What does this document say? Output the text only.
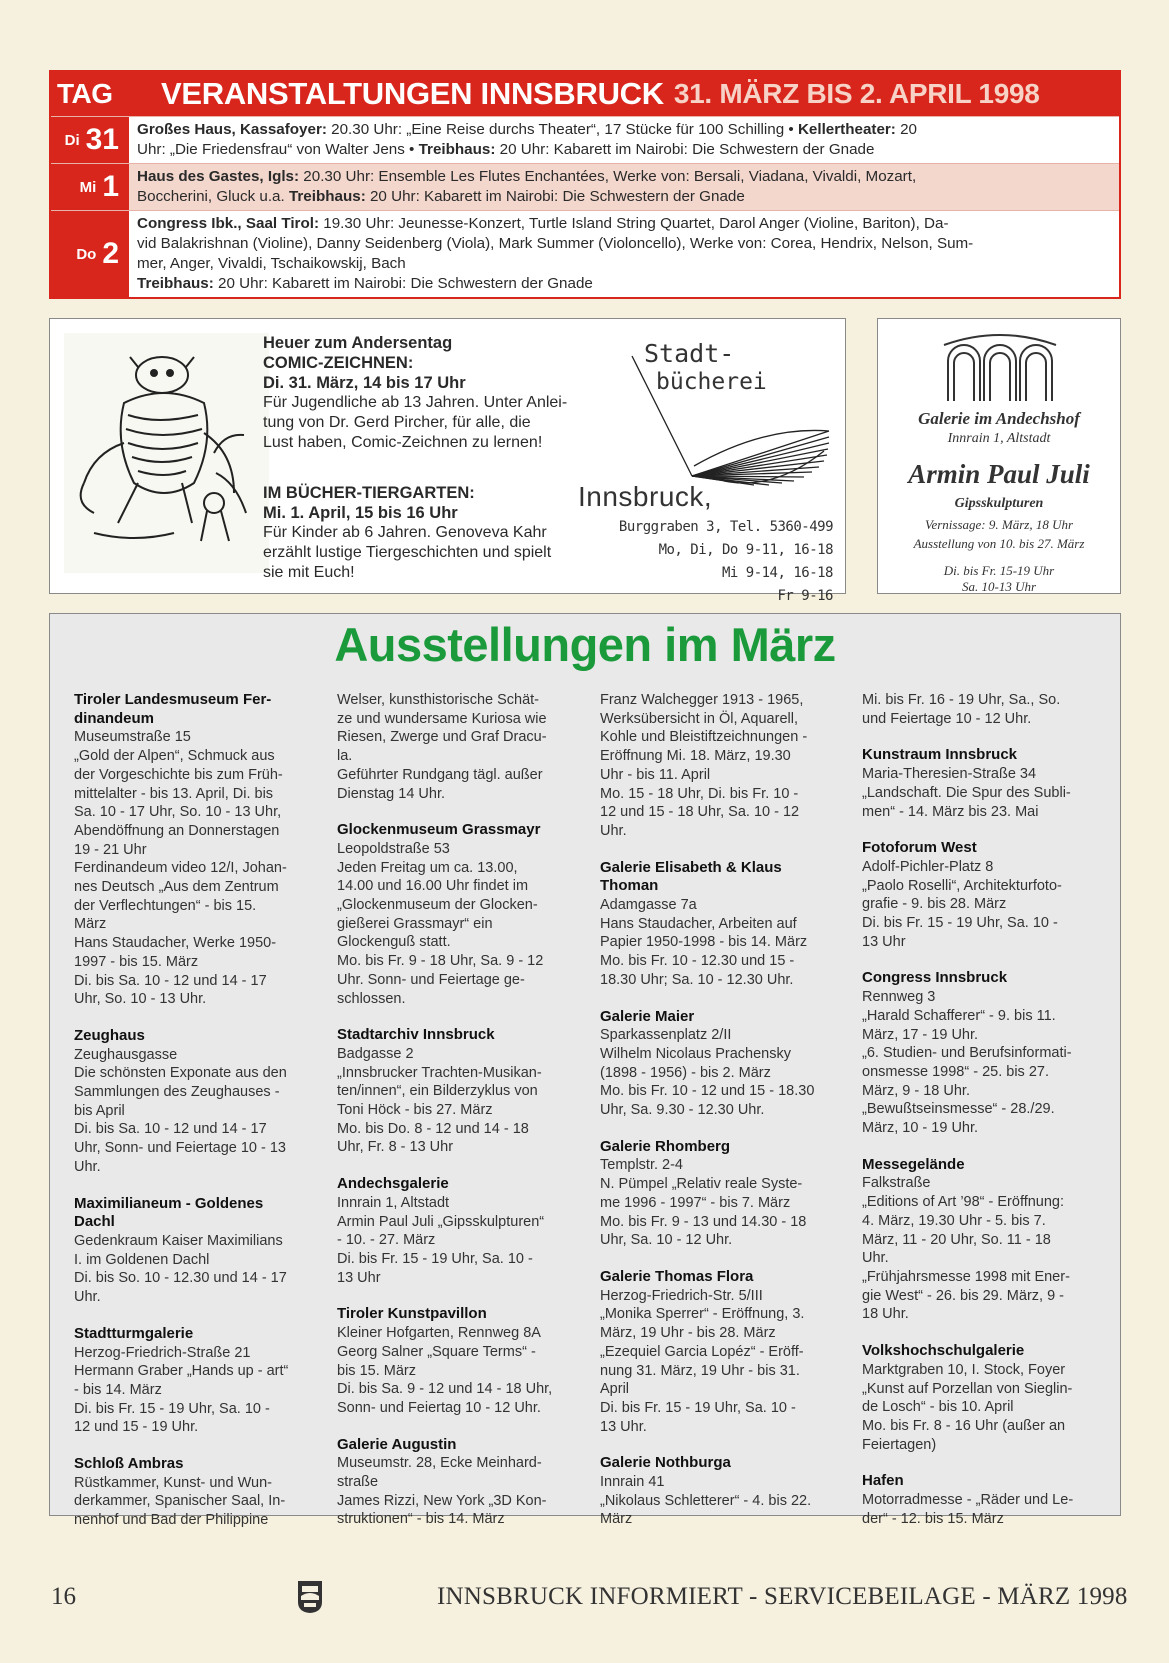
TAG	VERANSTALTUNGEN INNSBRUCK 31. MÄRZ BIS 2. APRIL 1998
Di 31 Großes Haus, Kassafoyer: 20.30 Uhr: „Eine Reise durchs Theater“, 17 Stücke für 100 Schilling • Kellertheater: 20
Uhr: „Die Friedensfrau“ von Walter Jens • Treibhaus: 20 Uhr: Kabarett im Nairobi: Die Schwestern der Gnade
Mi 1 Haus des Gastes, Igls: 20.30 Uhr: Ensemble Les Flutes Enchantées, Werke von: Bersali, Viadana, Vivaldi, Mozart,
Boccherini, Gluck u.a. Treibhaus: 20 Uhr: Kabarett im Nairobi: Die Schwestern der Gnade
Do 2
Congress Ibk., Saal Tirol: 19.30 Uhr: Jeunesse-Konzert, Turtle Island String Quartet, Darol Anger (Violine, Bariton), Da-
vid Balakrishnan (Violine), Danny Seidenberg (Viola), Mark Summer (Violoncello), Werke von: Corea, Hendrix, Nelson, Sum-
mer, Anger, Vivaldi, Tschaikowskij, Bach
Treibhaus: 20 Uhr: Kabarett im Nairobi: Die Schwestern der Gnade
Heuer zum Andersentag
COMIC-ZEICHNEN:
Di. 31. März, 14 bis 17 Uhr
Für Jugendliche ab 13 Jahren. Unter Anlei-
tung von Dr. Gerd Pircher, für alle, die
Lust haben, Comic-Zeichnen zu lernen!
IM BÜCHER-TIERGARTEN:
Mi. 1. April, 15 bis 16 Uhr
Für Kinder ab 6 Jahren. Genoveva Kahr
erzählt lustige Tiergeschichten und spielt
sie mit Euch!
Stadt-
bücherei
Innsbruck,
Burggraben 3, Tel. 5360-499
Mo, Di, Do 9-11, 16-18
Mi 9-14, 16-18
Fr 9-16
Galerie im Andechshof
Innrain 1, Altstadt
Armin Paul Juli
Gipsskulpturen
Vernissage: 9. März, 18 Uhr
Ausstellung von 10. bis 27. März
Di. bis Fr. 15-19 Uhr
Sa. 10-13 Uhr
Ausstellungen im März
Tiroler Landesmuseum Fer-
dinandeum
Museumstraße 15
„Gold der Alpen“, Schmuck aus
der Vorgeschichte bis zum Früh-
mittelalter - bis 13. April, Di. bis
Sa. 10 - 17 Uhr, So. 10 - 13 Uhr,
Abendöffnung an Donnerstagen
19 - 21 Uhr
Ferdinandeum video 12/I, Johan-
nes Deutsch „Aus dem Zentrum
der Verflechtungen“ - bis 15.
März
Hans Staudacher, Werke 1950-
1997 - bis 15. März
Di. bis Sa. 10 - 12 und 14 - 17
Uhr, So. 10 - 13 Uhr.
Zeughaus
Zeughausgasse
Die schönsten Exponate aus den
Sammlungen des Zeughauses -
bis April
Di. bis Sa. 10 - 12 und 14 - 17
Uhr, Sonn- und Feiertage 10 - 13
Uhr.
Maximilianeum - Goldenes
Dachl
Gedenkraum Kaiser Maximilians
I. im Goldenen Dachl
Di. bis So. 10 - 12.30 und 14 - 17
Uhr.
Stadtturmgalerie
Herzog-Friedrich-Straße 21
Hermann Graber „Hands up - art“
- bis 14. März
Di. bis Fr. 15 - 19 Uhr, Sa. 10 -
12 und 15 - 19 Uhr.
Schloß Ambras
Rüstkammer, Kunst- und Wun-
derkammer, Spanischer Saal, In-
nenhof und Bad der Philippine
Welser, kunsthistorische Schät-
ze und wundersame Kuriosa wie
Riesen, Zwerge und Graf Dracu-
la.
Geführter Rundgang tägl. außer
Dienstag 14 Uhr.
Glockenmuseum Grassmayr
Leopoldstraße 53
Jeden Freitag um ca. 13.00,
14.00 und 16.00 Uhr findet im
„Glockenmuseum der Glocken-
gießerei Grassmayr“ ein
Glockenguß statt.
Mo. bis Fr. 9 - 18 Uhr, Sa. 9 - 12
Uhr. Sonn- und Feiertage ge-
schlossen.
Stadtarchiv Innsbruck
Badgasse 2
„Innsbrucker Trachten-Musikan-
ten/innen“, ein Bilderzyklus von
Toni Höck - bis 27. März
Mo. bis Do. 8 - 12 und 14 - 18
Uhr, Fr. 8 - 13 Uhr
Andechsgalerie
Innrain 1, Altstadt
Armin Paul Juli „Gipsskulpturen“
- 10. - 27. März
Di. bis Fr. 15 - 19 Uhr, Sa. 10 -
13 Uhr
Tiroler Kunstpavillon
Kleiner Hofgarten, Rennweg 8A
Georg Salner „Square Terms“ -
bis 15. März
Di. bis Sa. 9 - 12 und 14 - 18 Uhr,
Sonn- und Feiertag 10 - 12 Uhr.
Galerie Augustin
Museumstr. 28, Ecke Meinhard-
straße
James Rizzi, New York „3D Kon-
struktionen“ - bis 14. März
Franz Walchegger 1913 - 1965,
Werksübersicht in Öl, Aquarell,
Kohle und Bleistiftzeichnungen -
Eröffnung Mi. 18. März, 19.30
Uhr - bis 11. April
Mo. 15 - 18 Uhr, Di. bis Fr. 10 -
12 und 15 - 18 Uhr, Sa. 10 - 12
Uhr.
Galerie Elisabeth & Klaus
Thoman
Adamgasse 7a
Hans Staudacher, Arbeiten auf
Papier 1950-1998 - bis 14. März
Mo. bis Fr. 10 - 12.30 und 15 -
18.30 Uhr; Sa. 10 - 12.30 Uhr.
Galerie Maier
Sparkassenplatz 2/II
Wilhelm Nicolaus Prachensky
(1898 - 1956) - bis 2. März
Mo. bis Fr. 10 - 12 und 15 - 18.30
Uhr, Sa. 9.30 - 12.30 Uhr.
Galerie Rhomberg
Templstr. 2-4
N. Pümpel „Relativ reale Syste-
me 1996 - 1997“ - bis 7. März
Mo. bis Fr. 9 - 13 und 14.30 - 18
Uhr, Sa. 10 - 12 Uhr.
Galerie Thomas Flora
Herzog-Friedrich-Str. 5/III
„Monika Sperrer“ - Eröffnung, 3.
März, 19 Uhr - bis 28. März
„Ezequiel Garcia Lopéz“ - Eröff-
nung 31. März, 19 Uhr - bis 31.
April
Di. bis Fr. 15 - 19 Uhr, Sa. 10 -
13 Uhr.
Galerie Nothburga
Innrain 41
„Nikolaus Schletterer“ - 4. bis 22.
März
Mi. bis Fr. 16 - 19 Uhr, Sa., So.
und Feiertage 10 - 12 Uhr.
Kunstraum Innsbruck
Maria-Theresien-Straße 34
„Landschaft. Die Spur des Subli-
men“ - 14. März bis 23. Mai
Fotoforum West
Adolf-Pichler-Platz 8
„Paolo Roselli“, Architekturfoto-
grafie - 9. bis 28. März
Di. bis Fr. 15 - 19 Uhr, Sa. 10 -
13 Uhr
Congress Innsbruck
Rennweg 3
„Harald Schafferer“ - 9. bis 11.
März, 17 - 19 Uhr.
„6. Studien- und Berufsinformati-
onsmesse 1998“ - 25. bis 27.
März, 9 - 18 Uhr.
„Bewußtseinsmesse“ - 28./29.
März, 10 - 19 Uhr.
Messegelände
Falkstraße
„Editions of Art ’98“ - Eröffnung:
4. März, 19.30 Uhr - 5. bis 7.
März, 11 - 20 Uhr, So. 11 - 18
Uhr.
„Frühjahrsmesse 1998 mit Ener-
gie West“ - 26. bis 29. März, 9 -
18 Uhr.
Volkshochschulgalerie
Marktgraben 10, I. Stock, Foyer
„Kunst auf Porzellan von Sieglin-
de Losch“ - bis 10. April
Mo. bis Fr. 8 - 16 Uhr (außer an
Feiertagen)
Hafen
Motorradmesse - „Räder und Le-
der“ - 12. bis 15. März
16	INNSBRUCK INFORMIERT - SERVICEBEILAGE - MÄRZ 1998
